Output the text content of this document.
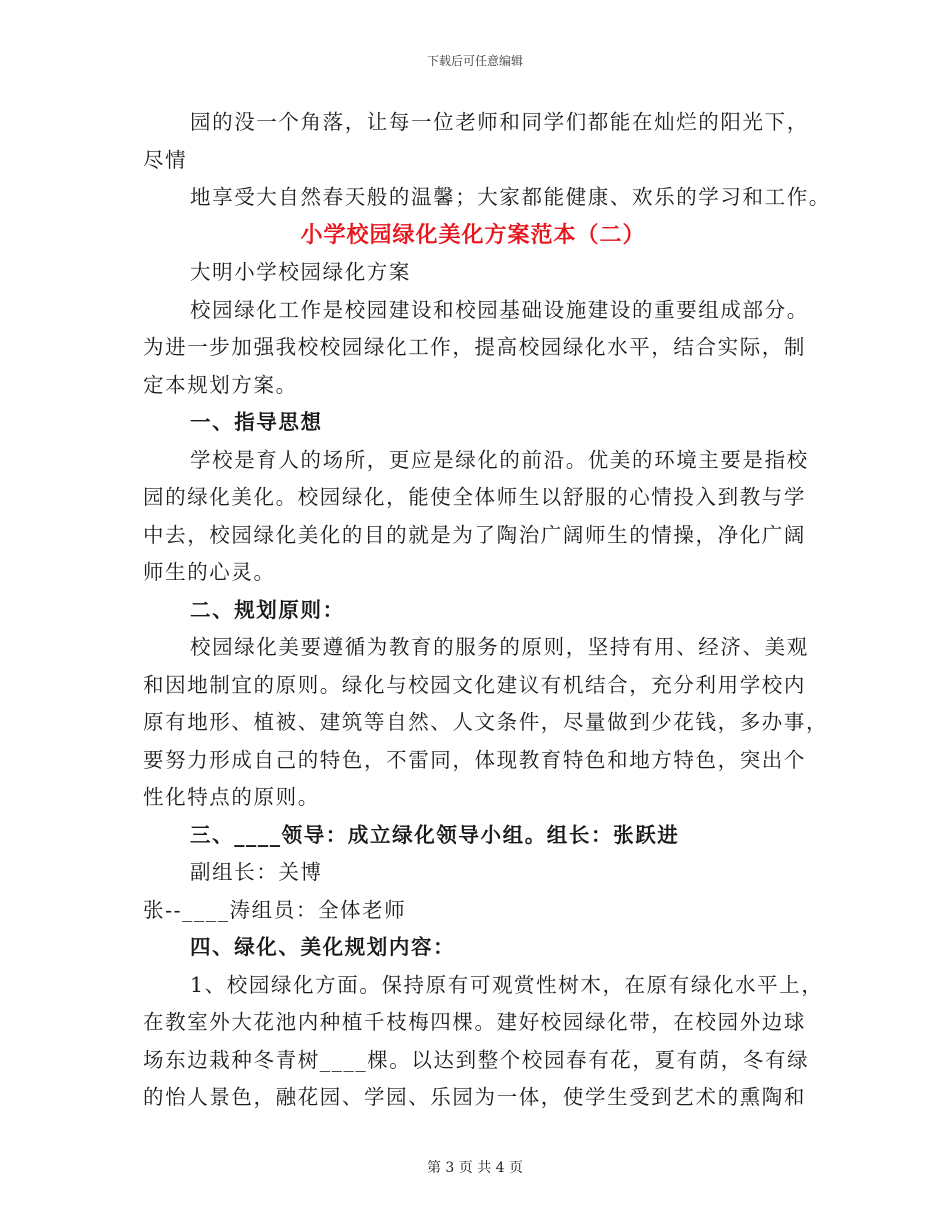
下载后可任意编辑
园的没一个角落，让每一位老师和同学们都能在灿烂的阳光下，
尽情
地享受大自然春天般的温馨；大家都能健康、欢乐的学习和工作。
小学校园绿化美化方案范本（二）
大明小学校园绿化方案
校园绿化工作是校园建设和校园基础设施建设的重要组成部分。
为进一步加强我校校园绿化工作，提高校园绿化水平，结合实际，制
定本规划方案。
一、指导思想
学校是育人的场所，更应是绿化的前沿。优美的环境主要是指校
园的绿化美化。校园绿化，能使全体师生以舒服的心情投入到教与学
中去，校园绿化美化的目的就是为了陶治广阔师生的情操，净化广阔
师生的心灵。
二、规划原则：
校园绿化美要遵循为教育的服务的原则，坚持有用、经济、美观
和因地制宜的原则。绿化与校园文化建议有机结合，充分利用学校内
原有地形、植被、建筑等自然、人文条件，尽量做到少花钱，多办事，
要努力形成自己的特色，不雷同，体现教育特色和地方特色，突出个
性化特点的原则。
三、____领导：成立绿化领导小组。组长：张跃进
副组长：关博
张--____涛组员：全体老师
四、绿化、美化规划内容：
1、校园绿化方面。保持原有可观赏性树木，在原有绿化水平上，
在教室外大花池内种植千枝梅四棵。建好校园绿化带，在校园外边球
场东边栽种冬青树____棵。以达到整个校园春有花，夏有荫，冬有绿
的怡人景色，融花园、学园、乐园为一体，使学生受到艺术的熏陶和
第 3 页 共 4 页
